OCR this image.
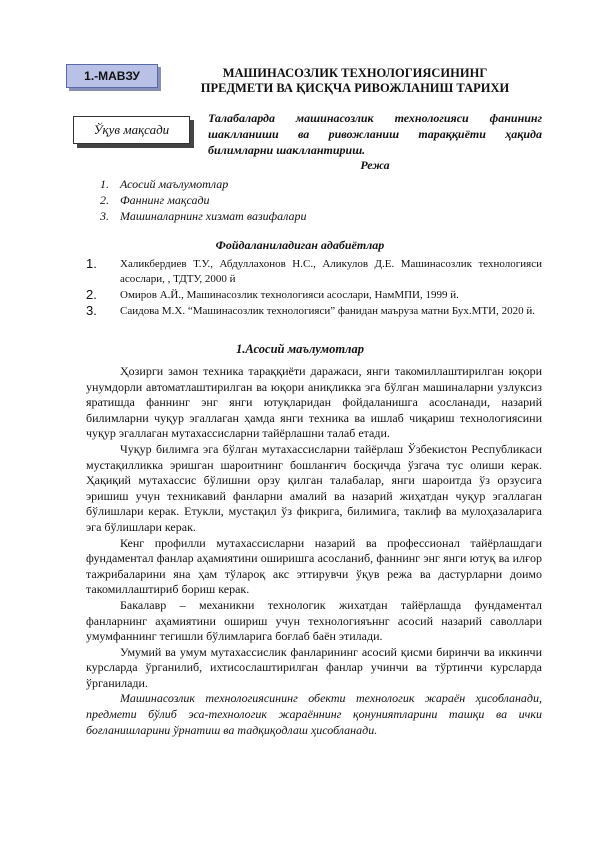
1.-МАВЗУ	МАШИНАСОЗЛИК ТЕХНОЛОГИЯСИНИНГ
ПРЕДМЕТИ ВА ҚИСҚЧА РИВОЖЛАНИШ ТАРИХИ
Ўқув мақсади
Талабаларда машинасозлик технологияси фанининг шаклланиши ва ривожланиш тараққиёти ҳақида билимларни шакллантириш.
Режа
1. Асосий маълумотлар
2. Фаннинг мақсади
3. Машиналарнинг хизмат вазифалари
Фойдаланиладиган адабиётлар
1. Халикбердиев Т.У., Абдуллахонов Н.С., Аликулов Д.Е. Машинасозлик технологияси асослари, , ТДТУ, 2000 й
2. Омиров А.Й., Машинасозлик технологияси асослари, НамМПИ, 1999 й.
3. Саидова М.Х. “Машинасозлик технологияси” фанидан маъруза матни Бух.МТИ, 2020 й.
1.Асосий маълумотлар

Ҳозирги замон техника тараққиёти даражаси, янги такомиллаштирилган юқори унумдорли автоматлаштирилган ва юқори аниқликка эга бўлган машиналарни узлуксиз яратишда фаннинг энг янги ютуқларидан фойдаланишга асосланади, назарий билимларни чуқур эгаллаган ҳамда янги техника ва ишлаб чиқариш технологиясини чуқур эгаллаган мутахассисларни тайёрлашни талаб етади.

Чуқур билимга эга бўлган мутахассисларни тайёрлаш Ўзбекистон Республикаси мустақилликка эришган шароитнинг бошланғич босқичда ўзгача тус олиши керак. Ҳақиқий мутахассис бўлишни орзу қилган талабалар, янги шароитда ўз орзусига эришиш учун техникавий фанларни амалий ва назарий жиҳатдан чуқур эгаллаган бўлишлари керак. Етукли, мустақил ўз фикрига, билимига, таклиф ва мулоҳазаларига эга бўлишлари керак.

Кенг профилли мутахассисларни назарий ва профессионал тайёрлашдаги фундаментал фанлар аҳамиятини оширишга асосланиб, фаннинг энг янги ютуқ ва илғор тажрибаларини яна ҳам тўлароқ акс эттирувчи ўқув режа ва дастурларни доимо такомиллаштириб бориш керак.

Бакалавр – механикни технологик жихатдан тайёрлашда фундаментал фанларнинг аҳамиятини ошириш учун технологияъннг асосий назарий саволлари умумфаннинг тегишли бўлимларига боғлаб баён этилади.

Умумий ва умум мутахассислик фанларининг асосий қисми биринчи ва иккинчи курсларда ўрганилиб, ихтисослаштирилган фанлар учинчи ва тўртинчи курсларда ўрганилади.

Машинасозлик технологиясининг обекти технологик жараён ҳисобланади, предмети бўлиб эса-технологик жараённинг қонуниятларини ташқи ва ички боғланишларини ўрнатиш ва тадқиқодлаш ҳисобланади.
